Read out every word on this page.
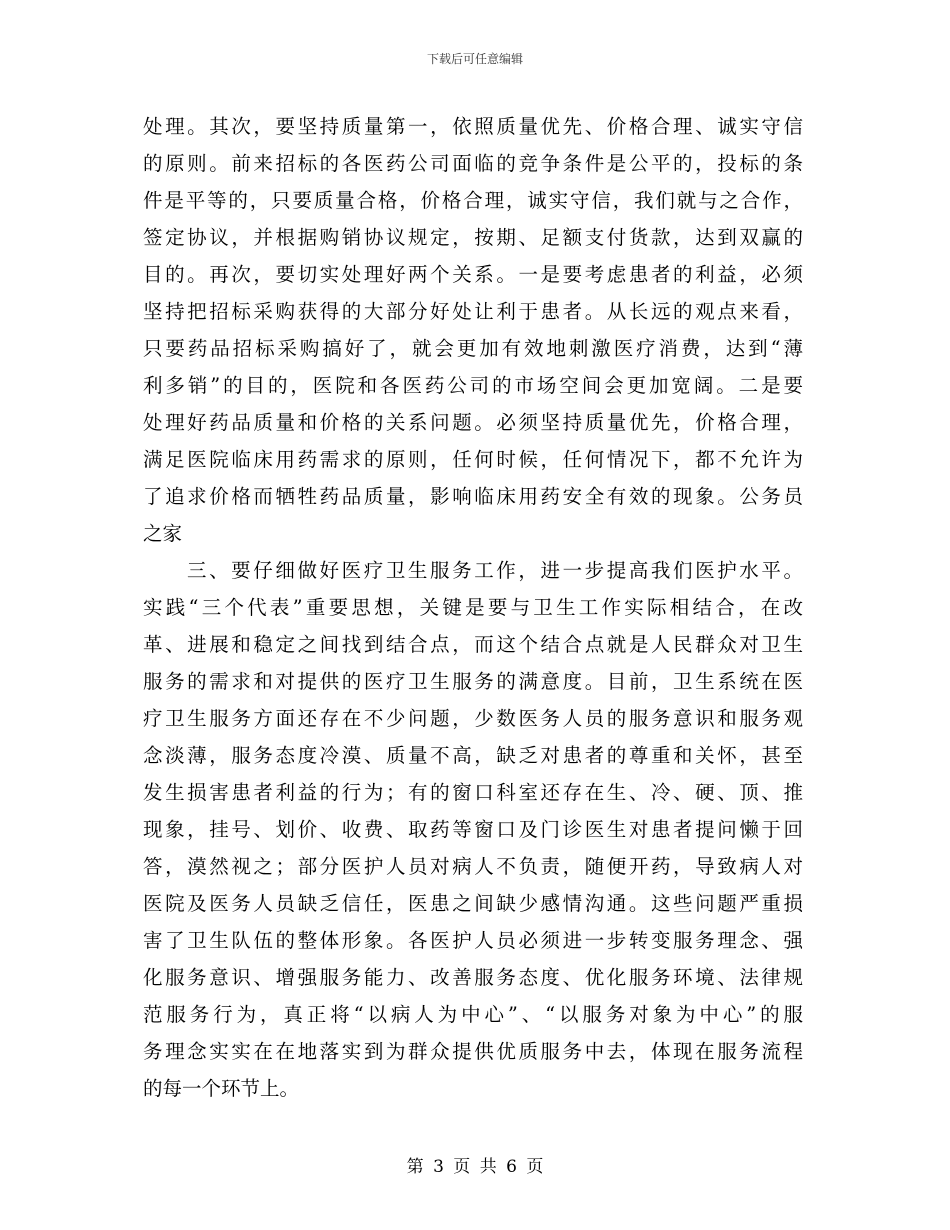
下载后可任意编辑
处理。其次，要坚持质量第一，依照质量优先、价格合理、诚实守信
的原则。前来招标的各医药公司面临的竞争条件是公平的，投标的条
件是平等的，只要质量合格，价格合理，诚实守信，我们就与之合作，
签定协议，并根据购销协议规定，按期、足额支付货款，达到双赢的
目的。再次，要切实处理好两个关系。一是要考虑患者的利益，必须
坚持把招标采购获得的大部分好处让利于患者。从长远的观点来看，
只要药品招标采购搞好了，就会更加有效地刺激医疗消费，达到“薄
利多销”的目的，医院和各医药公司的市场空间会更加宽阔。二是要
处理好药品质量和价格的关系问题。必须坚持质量优先，价格合理，
满足医院临床用药需求的原则，任何时候，任何情况下，都不允许为
了追求价格而牺牲药品质量，影响临床用药安全有效的现象。公务员
之家
三、要仔细做好医疗卫生服务工作，进一步提高我们医护水平。
实践“三个代表”重要思想，关键是要与卫生工作实际相结合，在改
革、进展和稳定之间找到结合点，而这个结合点就是人民群众对卫生
服务的需求和对提供的医疗卫生服务的满意度。目前，卫生系统在医
疗卫生服务方面还存在不少问题，少数医务人员的服务意识和服务观
念淡薄，服务态度冷漠、质量不高，缺乏对患者的尊重和关怀，甚至
发生损害患者利益的行为；有的窗口科室还存在生、冷、硬、顶、推
现象，挂号、划价、收费、取药等窗口及门诊医生对患者提问懒于回
答，漠然视之；部分医护人员对病人不负责，随便开药，导致病人对
医院及医务人员缺乏信任，医患之间缺少感情沟通。这些问题严重损
害了卫生队伍的整体形象。各医护人员必须进一步转变服务理念、强
化服务意识、增强服务能力、改善服务态度、优化服务环境、法律规
范服务行为，真正将“以病人为中心”、“以服务对象为中心”的服
务理念实实在在地落实到为群众提供优质服务中去，体现在服务流程
的每一个环节上。
第 3 页 共 6 页
